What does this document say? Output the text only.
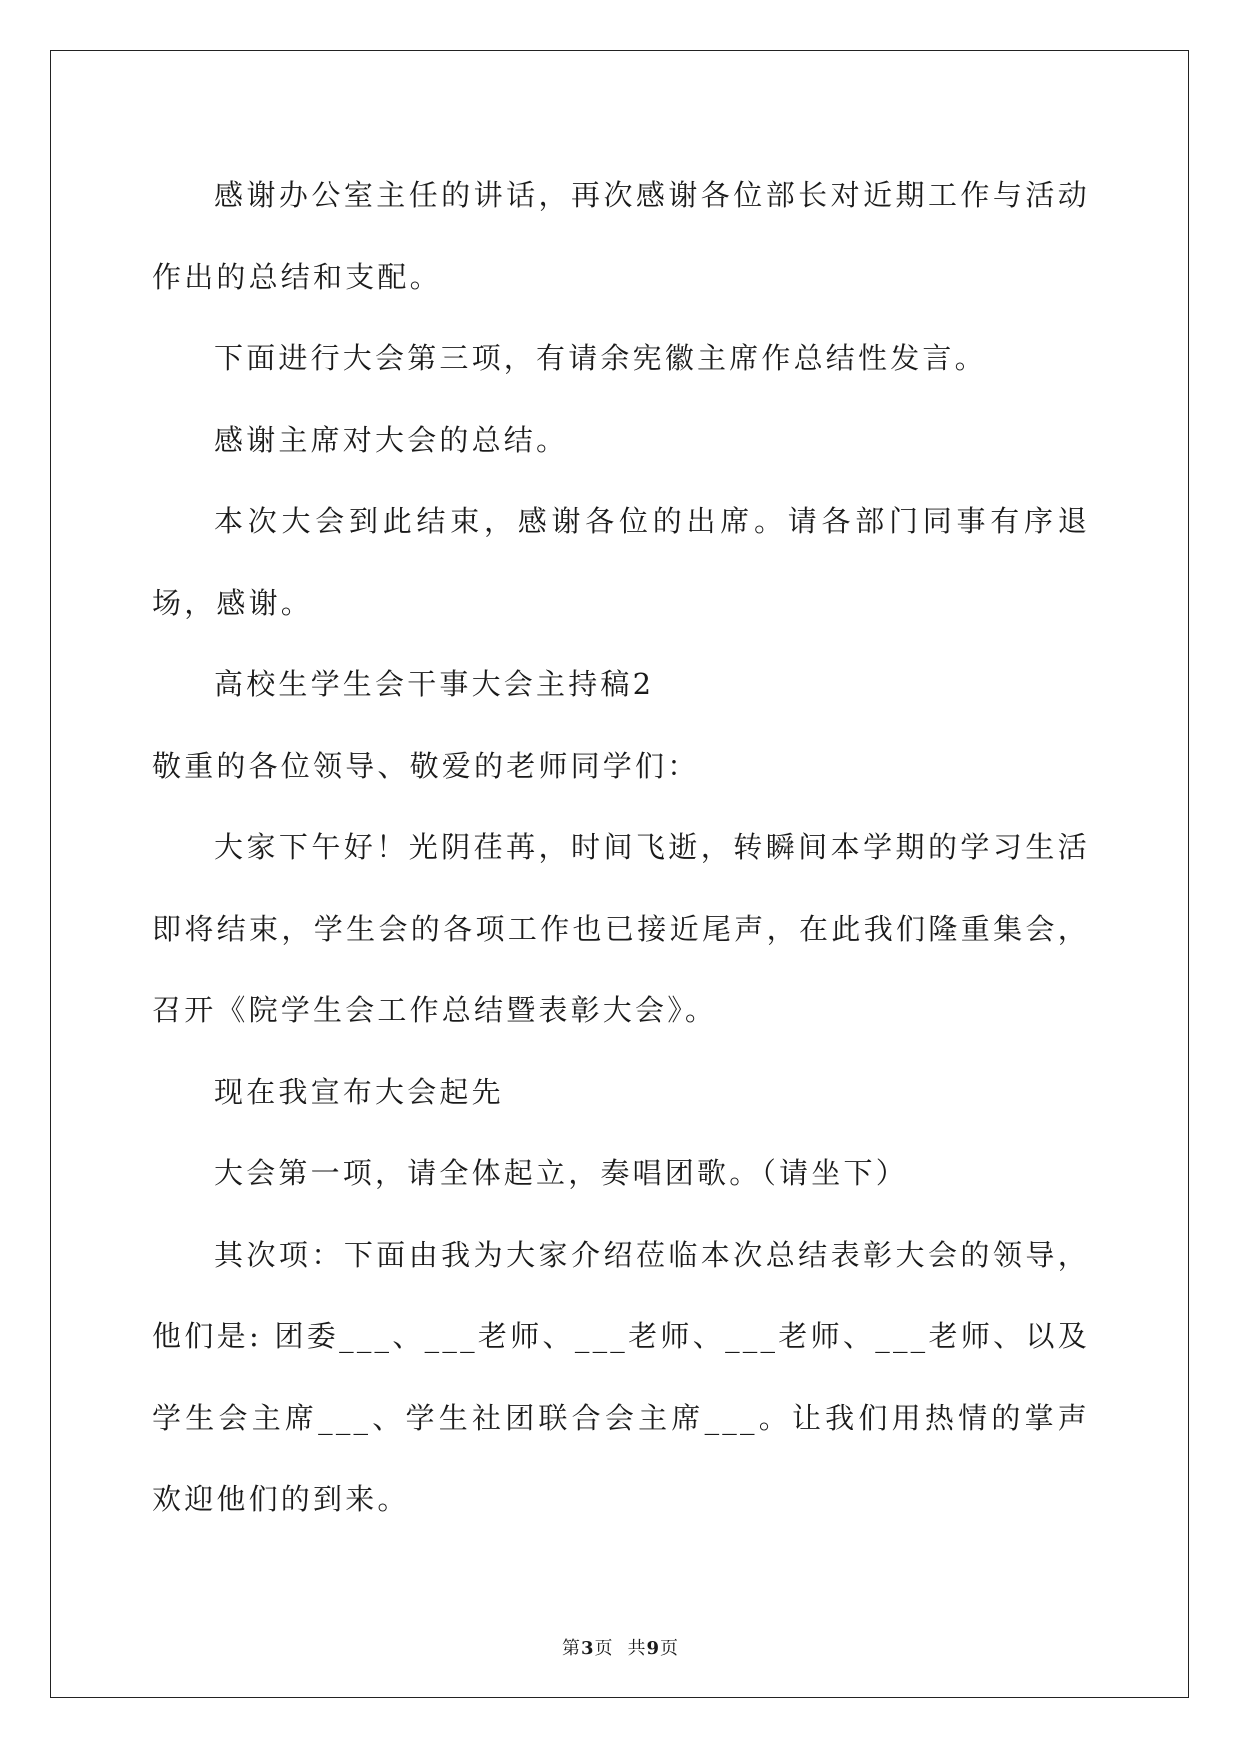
感谢办公室主任的讲话，再次感谢各位部长对近期工作与活动作出的总结和支配。

下面进行大会第三项，有请余宪徽主席作总结性发言。

感谢主席对大会的总结。

本次大会到此结束，感谢各位的出席。请各部门同事有序退场，感谢。

高校生学生会干事大会主持稿2

敬重的各位领导、敬爱的老师同学们：

大家下午好！光阴荏苒，时间飞逝，转瞬间本学期的学习生活即将结束，学生会的各项工作也已接近尾声，在此我们隆重集会，召开《院学生会工作总结暨表彰大会》。

现在我宣布大会起先

大会第一项，请全体起立，奏唱团歌。（请坐下）

其次项：下面由我为大家介绍莅临本次总结表彰大会的领导，他们是: 团委___、___老师、___老师、___老师、___老师、以及学生会主席___、学生社团联合会主席___。让我们用热情的掌声欢迎他们的到来。

第3页 共9页
